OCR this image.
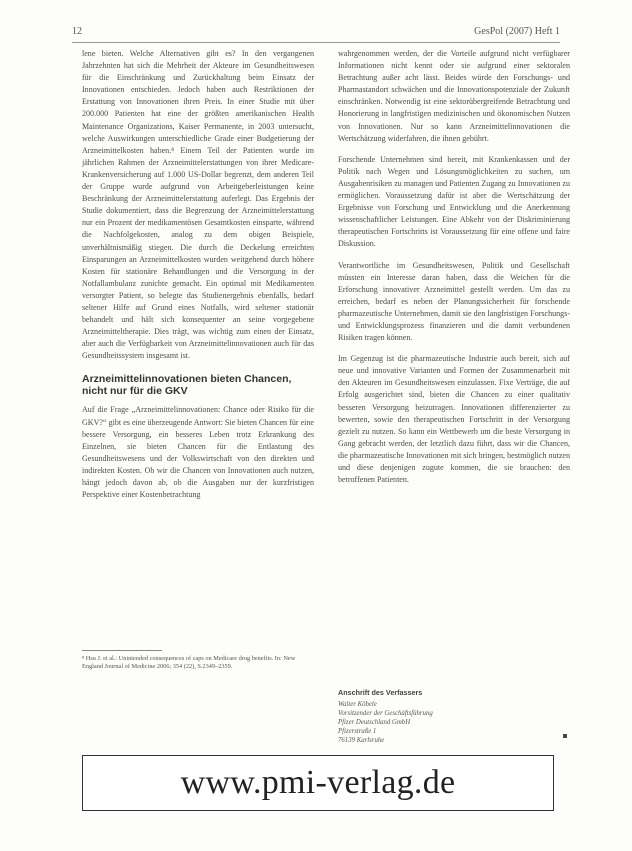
12	GesPol (2007) Heft 1

lene bieten. Welche Alternativen gibt es? In den vergangenen Jahrzehnten hat sich die Mehrheit der Akteure im Gesundheitswesen für die Einschränkung und Zurückhaltung beim Einsatz der Innovationen entschieden. Jedoch haben auch Restriktionen der Erstattung von Innovationen ihren Preis. In einer Studie mit über 200.000 Patienten hat eine der größten amerikanischen Health Maintenance Organizations, Kaiser Permanente, in 2003 untersucht, welche Auswirkungen unterschiedliche Grade einer Budgetierung der Arzneimittelkosten haben.⁸ Einem Teil der Patienten wurde im jährlichen Rahmen der Arzneimittelerstattungen von ihrer Medicare-Krankenversicherung auf 1.000 US-Dollar begrenzt, dem anderen Teil der Gruppe wurde aufgrund von Arbeitgeberleistungen keine Beschränkung der Arzneimittelerstattung auferlegt. Das Ergebnis der Studie dokumentiert, dass die Begrenzung der Arzneimittelerstattung nur ein Prozent der medikamentösen Gesamtkosten einsparte, während die Nachfolgekosten, analog zu dem obigen Beispiele, unverhältnismäßig stiegen. Die durch die Deckelung erreichten Einsparungen an Arzneimittelkosten wurden weitgehend durch höhere Kosten für stationäre Behandlungen und die Versorgung in der Notfallambulanz zunichte gemacht. Ein optimal mit Medikamenten versorgter Patient, so belegte das Studienergebnis ebenfalls, bedarf seltener Hilfe auf Grund eines Notfalls, wird seltener stationär behandelt und hält sich konsequenter an seine vorgegebene Arzneimitteltherapie. Dies trägt, was wichtig zum einen der Einsatz, aber auch die Verfügbarkeit von Arzneimittelinnovationen auch für das Gesundheitssystem insgesamt ist.

Arzneimittelinnovationen bieten Chancen, nicht nur für die GKV

Auf die Frage „Arzneimittelinnovationen: Chance oder Risiko für die GKV?“ gibt es eine überzeugende Antwort: Sie bieten Chancen für eine bessere Versorgung, ein besseres Leben trotz Erkrankung des Einzelnen, sie bieten Chancen für die Entlastung des Gesundheitswesens und der Volkswirtschaft von den direkten und indirekten Kosten. Ob wir die Chancen von Innovationen auch nutzen, hängt jedoch davon ab, ob die Ausgaben nur der kurzfristigen Perspektive einer Kostenbetrachtung

⁸ Hsu J. et al.: Unintended consequences of caps on Medicare drug benefits. In: New England Journal of Medicine 2006; 354 (22), S.2349–2359.

wahrgenommen werden, der die Vorteile aufgrund nicht verfügbarer Informationen nicht kennt oder sie aufgrund einer sektoralen Betrachtung außer acht lässt. Beides würde den Forschungs- und Pharmastandort schwächen und die Innovationspotenziale der Zukunft einschränken. Notwendig ist eine sektorübergreifende Betrachtung und Honorierung in langfristigen medizinischen und ökonomischen Nutzen von Innovationen. Nur so kann Arzneimittelinnovationen die Wertschätzung widerfahren, die ihnen gebührt.

Forschende Unternehmen sind bereit, mit Krankenkassen und der Politik nach Wegen und Lösungsmöglichkeiten zu suchen, um Ausgabenrisiken zu managen und Patienten Zugang zu Innovationen zu ermöglichen. Voraussetzung dafür ist aber die Wertschätzung der Ergebnisse von Forschung und Entwicklung und die Anerkennung wissenschaftlicher Leistungen. Eine Abkehr von der Diskriminierung therapeutischen Fortschritts ist Voraussetzung für eine offene und faire Diskussion.

Verantwortliche im Gesundheitswesen, Politik und Gesellschaft müssten ein Interesse daran haben, dass die Weichen für die Erforschung innovativer Arzneimittel gestellt werden. Um das zu erreichen, bedarf es neben der Planungssicherheit für forschende pharmazeutische Unternehmen, damit sie den langfristigen Forschungs- und Entwicklungsprozess finanzieren und die damit verbundenen Risiken tragen können.

Im Gegenzug ist die pharmazeutische Industrie auch bereit, sich auf neue und innovative Varianten und Formen der Zusammenarbeit mit den Akteuren im Gesundheitswesen einzulassen. Fixe Verträge, die auf Erfolg ausgerichtet sind, bieten die Chancen zu einer qualitativ besseren Versorgung beizutragen. Innovationen differenzierter zu bewerten, sowie den therapeutischen Fortschritt in der Versorgung gezielt zu nutzen. So kann ein Wettbewerb um die beste Versorgung in Gang gebracht werden, der letztlich dazu führt, dass wir die Chancen, die pharmazeutische Innovationen mit sich bringen, bestmöglich nutzen und diese denjenigen zugute kommen, die sie brauchen: den betroffenen Patienten.

Anschrift des Verfassers
Walter Köbele
Vorsitzender der Geschäftsführung
Pfizer Deutschland GmbH
Pfizerstraße 1
76139 Karlsruhe
www.pmi-verlag.de
